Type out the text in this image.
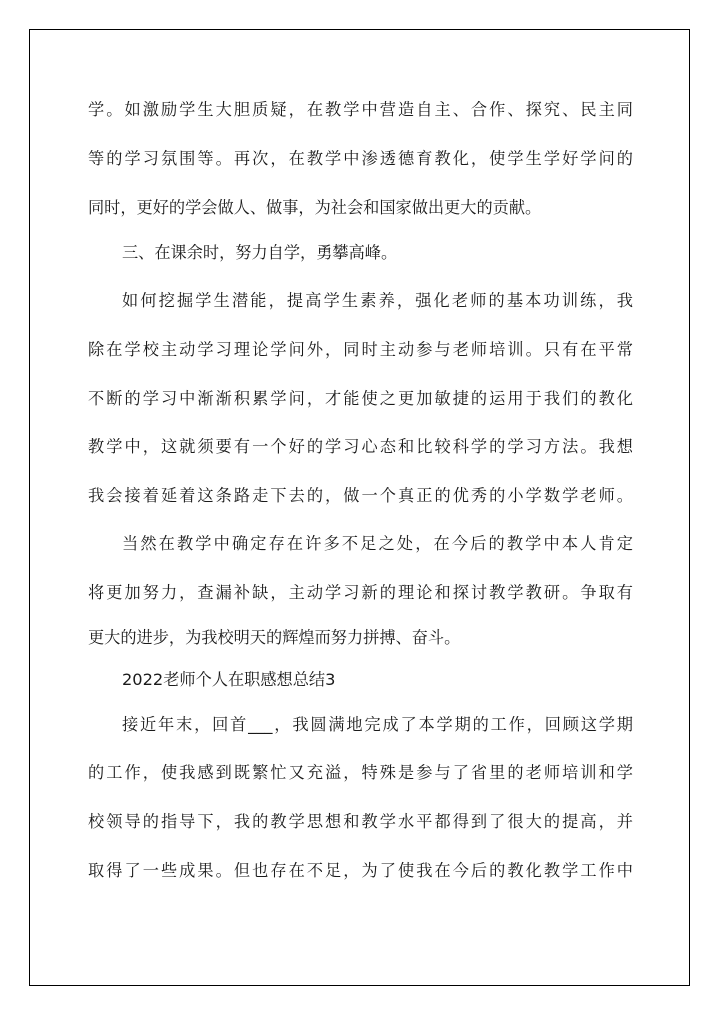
学。如激励学生大胆质疑，在教学中营造自主、合作、探究、民主同

等的学习氛围等。再次，在教学中渗透德育教化，使学生学好学问的

同时，更好的学会做人、做事，为社会和国家做出更大的贡献。

三、在课余时，努力自学，勇攀高峰。

如何挖掘学生潜能，提高学生素养，强化老师的基本功训练，我

除在学校主动学习理论学问外，同时主动参与老师培训。只有在平常

不断的学习中渐渐积累学问，才能使之更加敏捷的运用于我们的教化

教学中，这就须要有一个好的学习心态和比较科学的学习方法。我想

我会接着延着这条路走下去的，做一个真正的优秀的小学数学老师。

当然在教学中确定存在许多不足之处，在今后的教学中本人肯定

将更加努力，查漏补缺，主动学习新的理论和探讨教学教研。争取有

更大的进步，为我校明天的辉煌而努力拼搏、奋斗。

2022老师个人在职感想总结3

接近年末，回首___，我圆满地完成了本学期的工作，回顾这学期

的工作，使我感到既繁忙又充溢，特殊是参与了省里的老师培训和学

校领导的指导下，我的教学思想和教学水平都得到了很大的提高，并

取得了一些成果。但也存在不足，为了使我在今后的教化教学工作中
